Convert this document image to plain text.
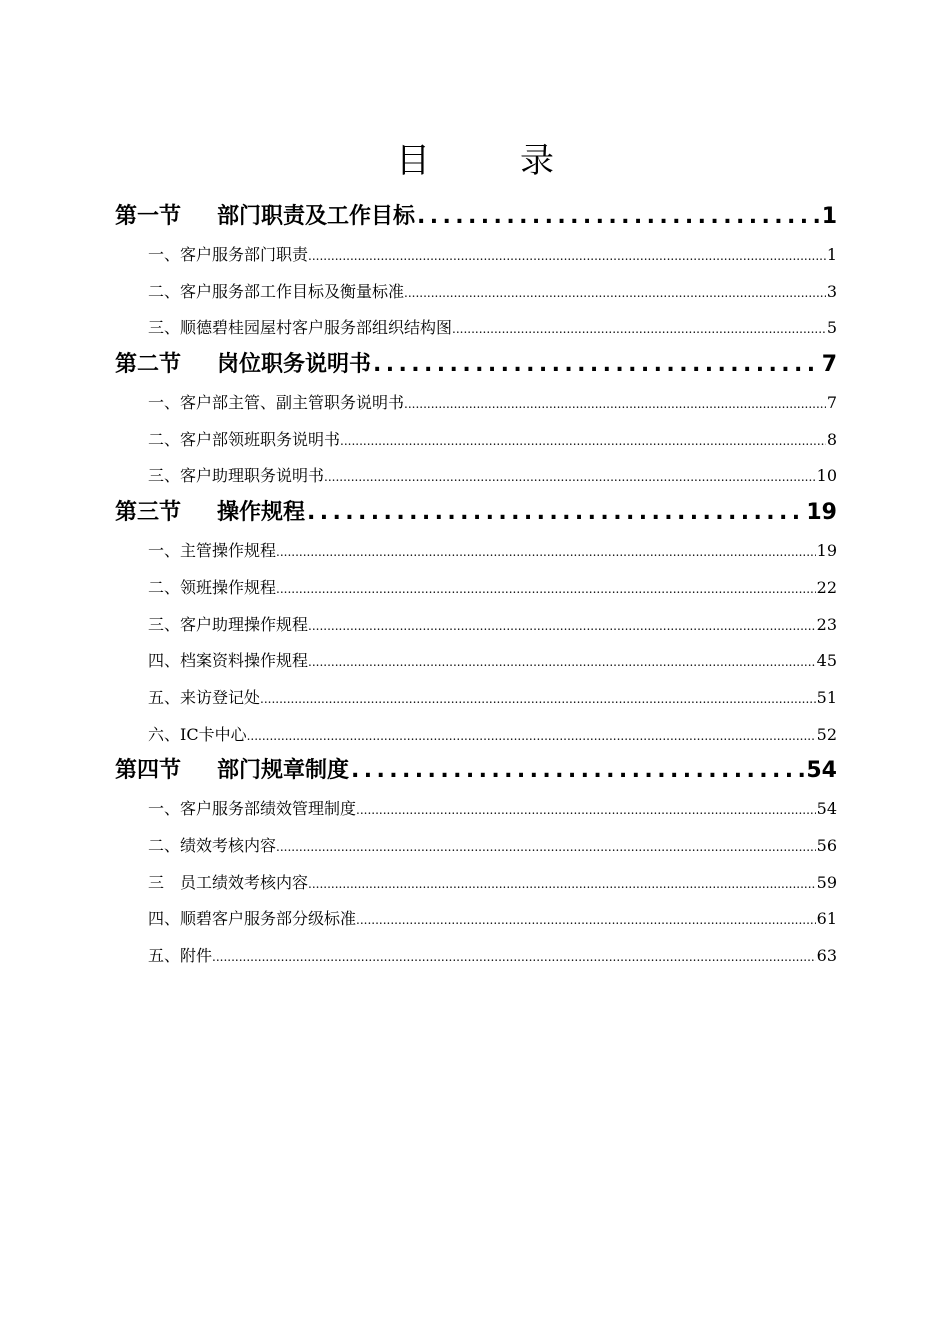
目　录
第一节	部门职责及工作目标 .....	1
一、客户服务部门职责 .....	1
二、客户服务部工作目标及衡量标准 .....	3
三、顺德碧桂园屋村客户服务部组织结构图 .....	5
第二节	岗位职务说明书 .....	7
一、客户部主管、副主管职务说明书 .....	7
二、客户部领班职务说明书 .....	8
三、客户助理职务说明书 .....	10
第三节	操作规程 .....	19
一、主管操作规程 .....	19
二、领班操作规程 .....	22
三、客户助理操作规程 .....	23
四、档案资料操作规程 .....	45
五、来访登记处 .....	51
六、IC卡中心 .....	52
第四节	部门规章制度 .....	54
一、客户服务部绩效管理制度 .....	54
二、绩效考核内容 .....	56
三　员工绩效考核内容 .....	59
四、顺碧客户服务部分级标准 .....	61
五、附件 .....	63
